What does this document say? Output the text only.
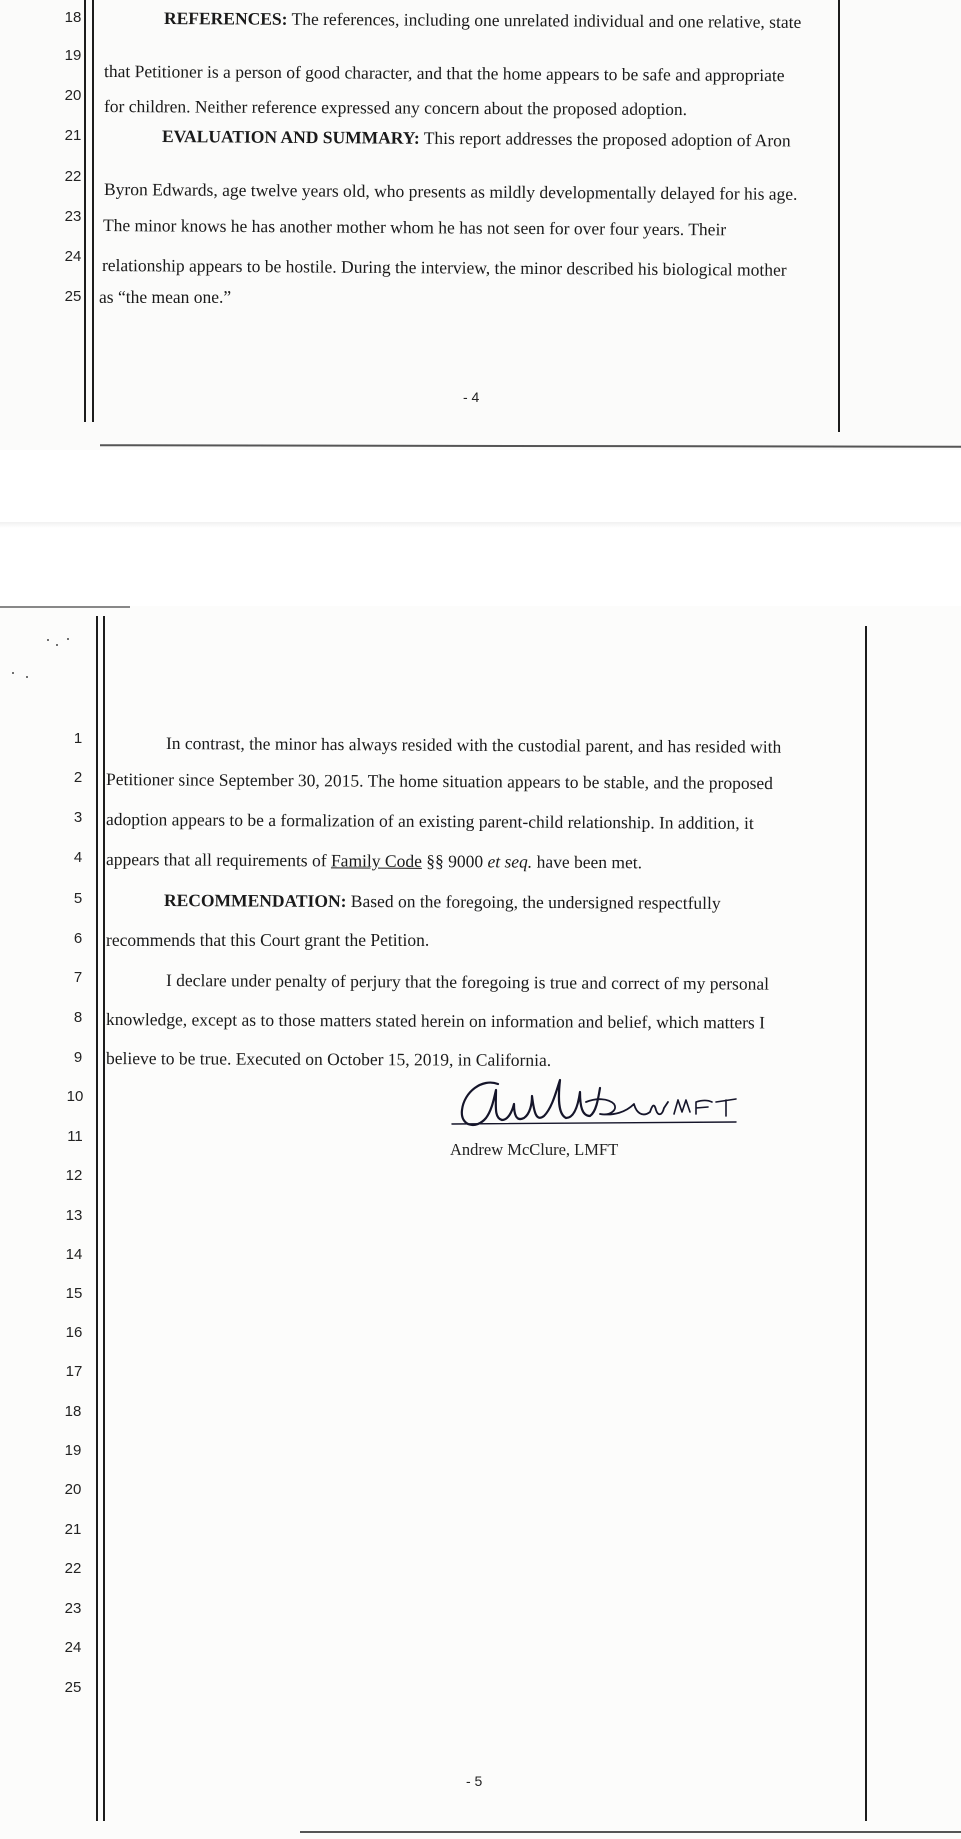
18
19
20
21
22
23
24
25
REFERENCES: The references, including one unrelated individual and one relative, state
that Petitioner is a person of good character, and that the home appears to be safe and appropriate
for children. Neither reference expressed any concern about the proposed adoption.
EVALUATION AND SUMMARY: This report addresses the proposed adoption of Aron
Byron Edwards, age twelve years old, who presents as mildly developmentally delayed for his age.
The minor knows he has another mother whom he has not seen for over four years. Their
relationship appears to be hostile. During the interview, the minor described his biological mother
as “the mean one.”
- 4
1
2
3
4
5
6
7
8
9
10
11
12
13
14
15
16
17
18
19
20
21
22
23
24
25
In contrast, the minor has always resided with the custodial parent, and has resided with
Petitioner since September 30, 2015. The home situation appears to be stable, and the proposed
adoption appears to be a formalization of an existing parent-child relationship. In addition, it
appears that all requirements of Family Code §§ 9000 et seq. have been met.
RECOMMENDATION: Based on the foregoing, the undersigned respectfully
recommends that this Court grant the Petition.
I declare under penalty of perjury that the foregoing is true and correct of my personal
knowledge, except as to those matters stated herein on information and belief, which matters I
believe to be true. Executed on October 15, 2019, in California.
Andrew McClure, LMFT
- 5
